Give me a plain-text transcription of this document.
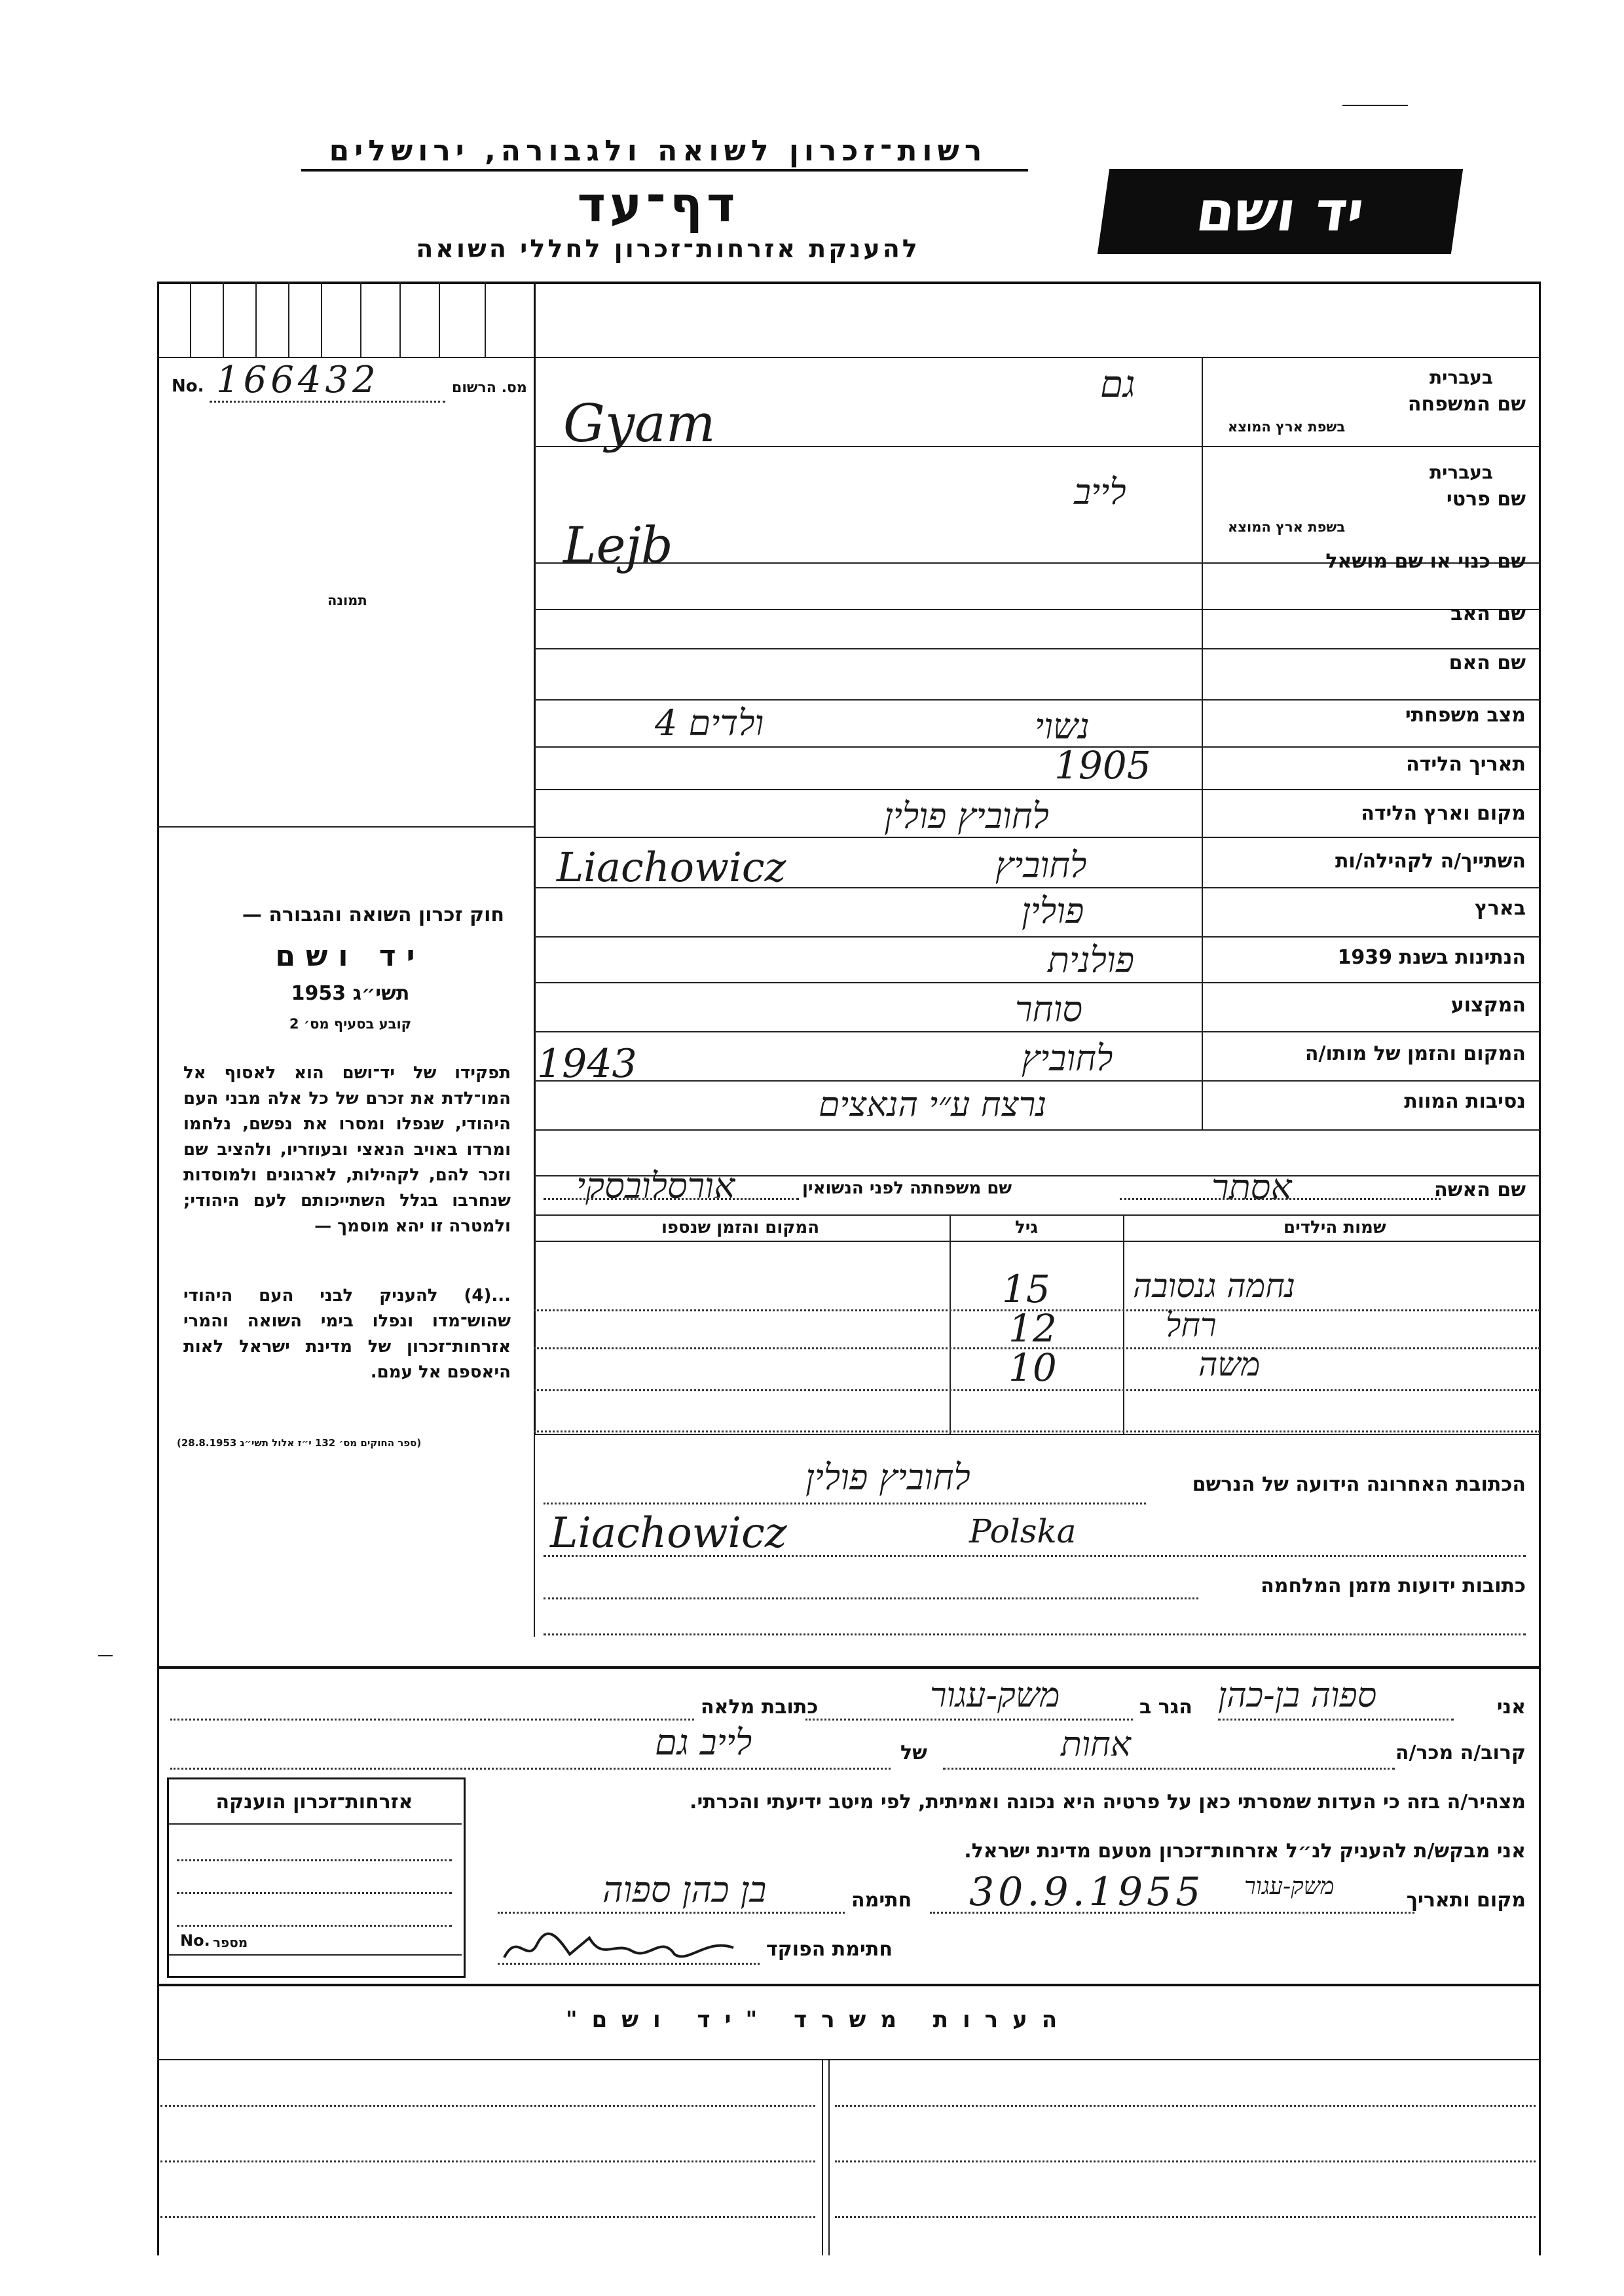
רשות־זכרון לשואה ולגבורה, ירושלים
דף־עד
להענקת אזרחות־זכרון לחללי השואה
יד ושם
מס. הרשום
No. 166432
תמונה
בעברית
שם המשפחה
בשפת ארץ המוצא
בעברית
שם פרטי
בשפת ארץ המוצא
שם כנוי או שם מושאל
שם האב
שם האם
מצב משפחתי
תאריך הלידה
מקום וארץ הלידה
השתייך/ה לקהילה/ות
בארץ
הנתינות בשנת 1939
המקצוע
המקום והזמן של מותו/ה
נסיבות המוות
גם
Gyam
לייב
Lejb
נשוי
ולדים 4
1905
לחוביץ פולין
לחוביץ
Liachowicz
פולין
פולנית
סוחר
לחוביץ
1943
נרצח ע״י הנאצים
חוק זכרון השואה והגבורה —
יד ושם
תשי״ג 1953
קובע בסעיף מס׳ 2
תפקידו של יד־ושם הוא לאסוף אל המו־לדת את זכרם של כל אלה מבני העם היהודי, שנפלו ומסרו את נפשם, נלחמו ומרדו באויב הנאצי ובעוזריו, ולהציב שם וזכר להם, לקהילות, לארגונים ולמוסדות שנחרבו בגלל השתייכותם לעם היהודי; ולמטרה זו יהא מוסמך —
...(4) להעניק לבני העם היהודי שהוש־מדו ונפלו בימי השואה והמרי אזרחות־זכרון של מדינת ישראל לאות היאספם אל עמם.
(ספר החוקים מס׳ 132 י״ז אלול תשי״ג 28.8.1953)
שם האשה
אסתר
שם משפחתה לפני הנשואין
אורסלובסקי
שמות הילדים
גיל
המקום והזמן שנספו
נחמה גנסובה
15
רחל
12
משה
10
הכתובת האחרונה הידועה של הנרשם
לחוביץ פולין
Liachowicz	Polska
כתובות ידועות מזמן המלחמה
אני
ספוה בן-כהן
הגר ב
משק-עגור
כתובת מלאה
קרוב/ה מכר/ה
אחות
של
לייב גם
מצהיר/ה בזה כי העדות שמסרתי כאן על פרטיה היא נכונה ואמיתית, לפי מיטב ידיעתי והכרתי.
אני מבקש/ת להעניק לנ״ל אזרחות־זכרון מטעם מדינת ישראל.
מקום ותאריך
משק-עגור
30.9.1955
חתימה
בן כהן ספוה
חתימת הפוקד
אזרחות־זכרון הוענקה
No. מספר
הערות משרד "יד ושם"
